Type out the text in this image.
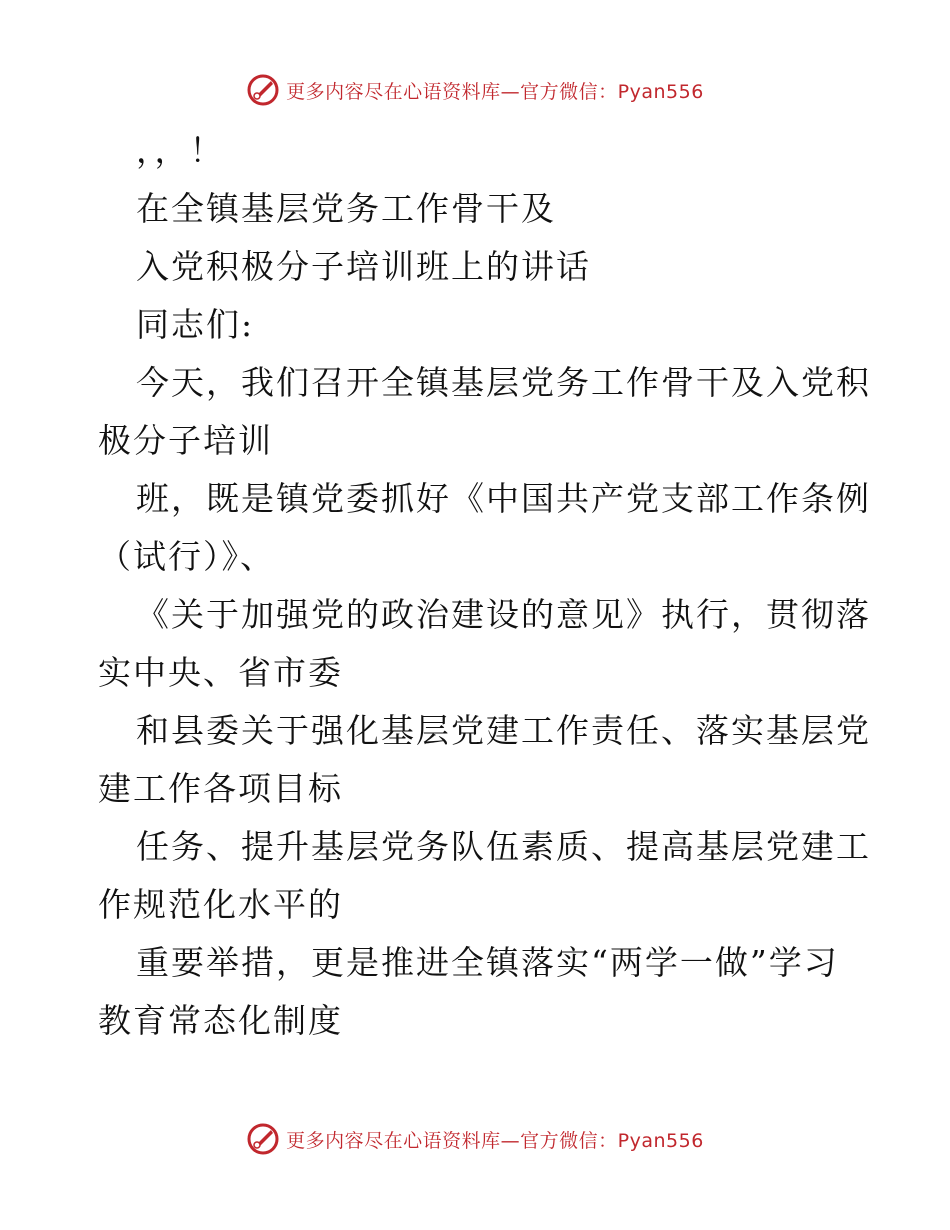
更多内容尽在心语资料库—官方微信：Pyan556
，，！
在全镇基层党务工作骨干及
入党积极分子培训班上的讲话
同志们:
今天，我们召开全镇基层党务工作骨干及入党积
极分子培训
班，既是镇党委抓好《中国共产党支部工作条例
（试行）》、
《关于加强党的政治建设的意见》执行，贯彻落
实中央、省市委
和县委关于强化基层党建工作责任、落实基层党
建工作各项目标
任务、提升基层党务队伍素质、提高基层党建工
作规范化水平的
重要举措，更是推进全镇落实“两学一做”学习
教育常态化制度
更多内容尽在心语资料库—官方微信：Pyan556
